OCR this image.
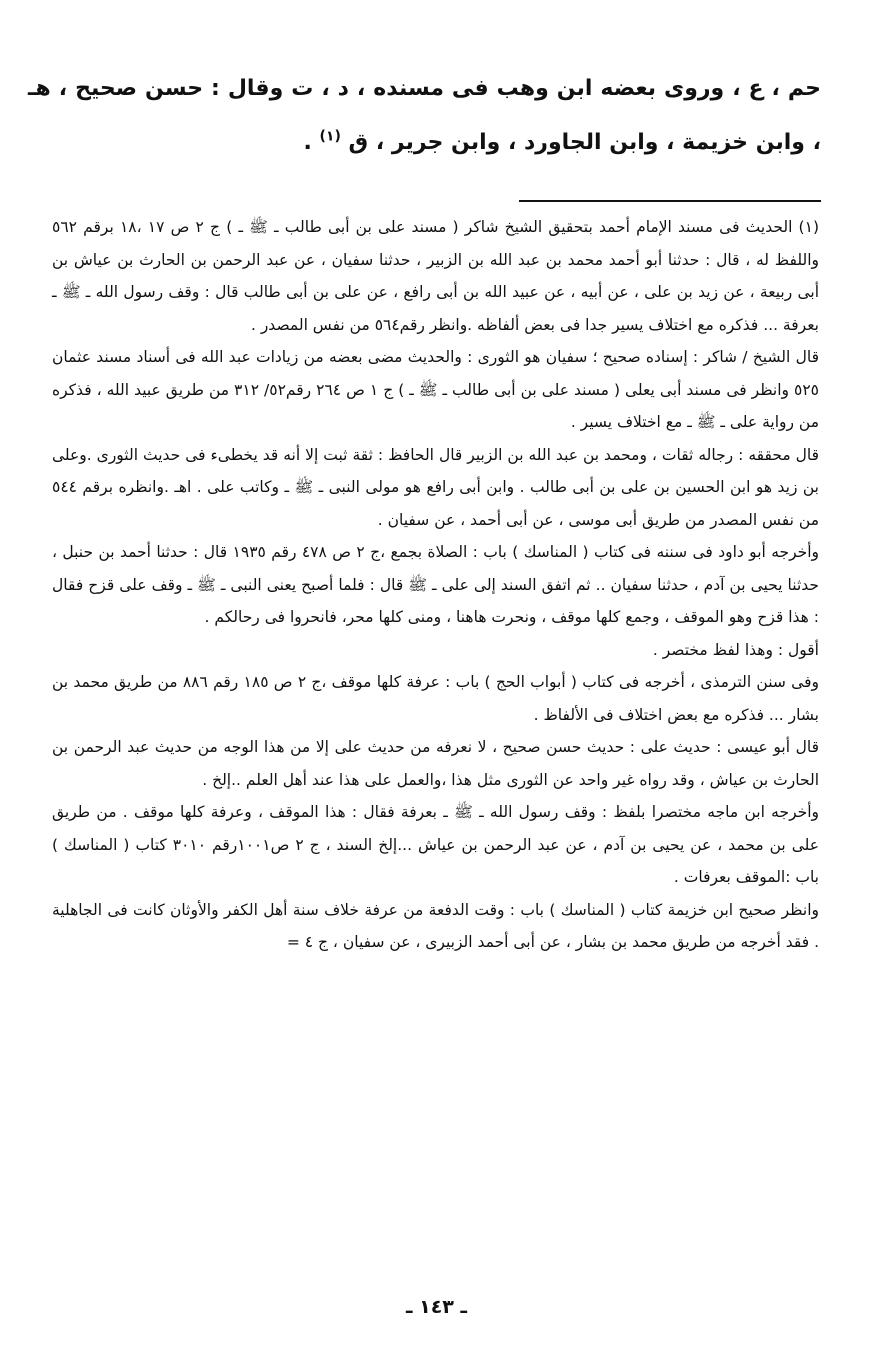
حم ، ع ، وروى بعضه ابن وهب فى مسنده ، د ، ت وقال : حسن صحيح ، هـ ، وابن خزيمة ، وابن الجاورد ، وابن جرير ، ق $^{(١)}$ .

(١) الحديث فى مسند الإمام أحمد بتحقيق الشيخ شاكر ( مسند على بن أبى طالب ـ ﷺ ـ ) ج ٢ ص ١٧ ،١٨ برقم ٥٦٢ واللفظ له ، قال : حدثنا أبو أحمد محمد بن عبد الله بن الزبير ، حدثنا سفيان ، عن عبد الرحمن بن الحارث بن عياش بن أبى ربيعة ، عن زيد بن على ، عن أبيه ، عن عبيد الله بن أبى رافع ، عن على بن أبى طالب قال : وقف رسول الله ـ ﷺ ـ بعرفة ... فذكره مع اختلاف يسير جدا فى بعض ألفاظه .وانظر رقم٥٦٤ من نفس المصدر .

قال الشيخ / شاكر : إسناده صحيح ؛ سفيان هو الثورى : والحديث مضى بعضه من زيادات عبد الله فى أسناد مسند عثمان ٥٢٥ وانظر فى مسند أبى يعلى ( مسند على بن أبى طالب ـ ﷺ ـ ) ج ١ ص ٢٦٤ رقم٥٢/ ٣١٢ من طريق عبيد الله ، فذكره من رواية على ـ ﷺ ـ مع اختلاف يسير .

قال محققه : رجاله ثقات ، ومحمد بن عبد الله بن الزبير قال الحافظ : ثقة ثبت إلا أنه قد يخطىء فى حديث الثورى .وعلى بن زيد هو ابن الحسين بن على بن أبى طالب . وابن أبى رافع هو مولى النبى ـ ﷺ ـ وكاتب على . اهـ .وانظره برقم ٥٤٤ من نفس المصدر من طريق أبى موسى ، عن أبى أحمد ، عن سفيان .

وأخرجه أبو داود فى سننه فى كتاب ( المناسك ) باب : الصلاة بجمع ،ج ٢ ص ٤٧٨ رقم ١٩٣٥ قال : حدثنا أحمد بن حنبل ، حدثنا يحيى بن آدم ، حدثنا سفيان .. ثم اتفق السند إلى على ـ ﷺ قال : فلما أصبح يعنى النبى ـ ﷺ ـ وقف على قزح فقال : هذا قزح وهو الموقف ، وجمع كلها موقف ، ونحرت هاهنا ، ومنى كلها محر، فانحروا فى رحالكم .

أقول : وهذا لفظ مختصر .

وفى سنن الترمذى ، أخرجه فى كتاب ( أبواب الحج ) باب : عرفة كلها موقف ،ج ٢ ص ١٨٥ رقم ٨٨٦ من طريق محمد بن بشار ... فذكره مع بعض اختلاف فى الألفاظ .

قال أبو عيسى : حديث على : حديث حسن صحيح ، لا نعرفه من حديث على إلا من هذا الوجه من حديث عبد الرحمن بن الحارث بن عياش ، وقد رواه غير واحد عن الثورى مثل هذا ،والعمل على هذا عند أهل العلم ..إلخ .

وأخرجه ابن ماجه مختصرا بلفظ : وقف رسول الله ـ ﷺ ـ بعرفة فقال : هذا الموقف ، وعرفة كلها موقف . من طريق على بن محمد ، عن يحيى بن آدم ، عن عبد الرحمن بن عياش ...إلخ السند ، ج ٢ ص١٠٠١رقم ٣٠١٠ كتاب ( المناسك ) باب :الموقف بعرفات .

وانظر صحيح ابن خزيمة كتاب ( المناسك ) باب : وقت الدفعة من عرفة خلاف سنة أهل الكفر والأوثان كانت فى الجاهلية . فقد أخرجه من طريق محمد بن بشار ، عن أبى أحمد الزبيرى ، عن سفيان ، ج ٤ =

ـ ١٤٣ ـ
